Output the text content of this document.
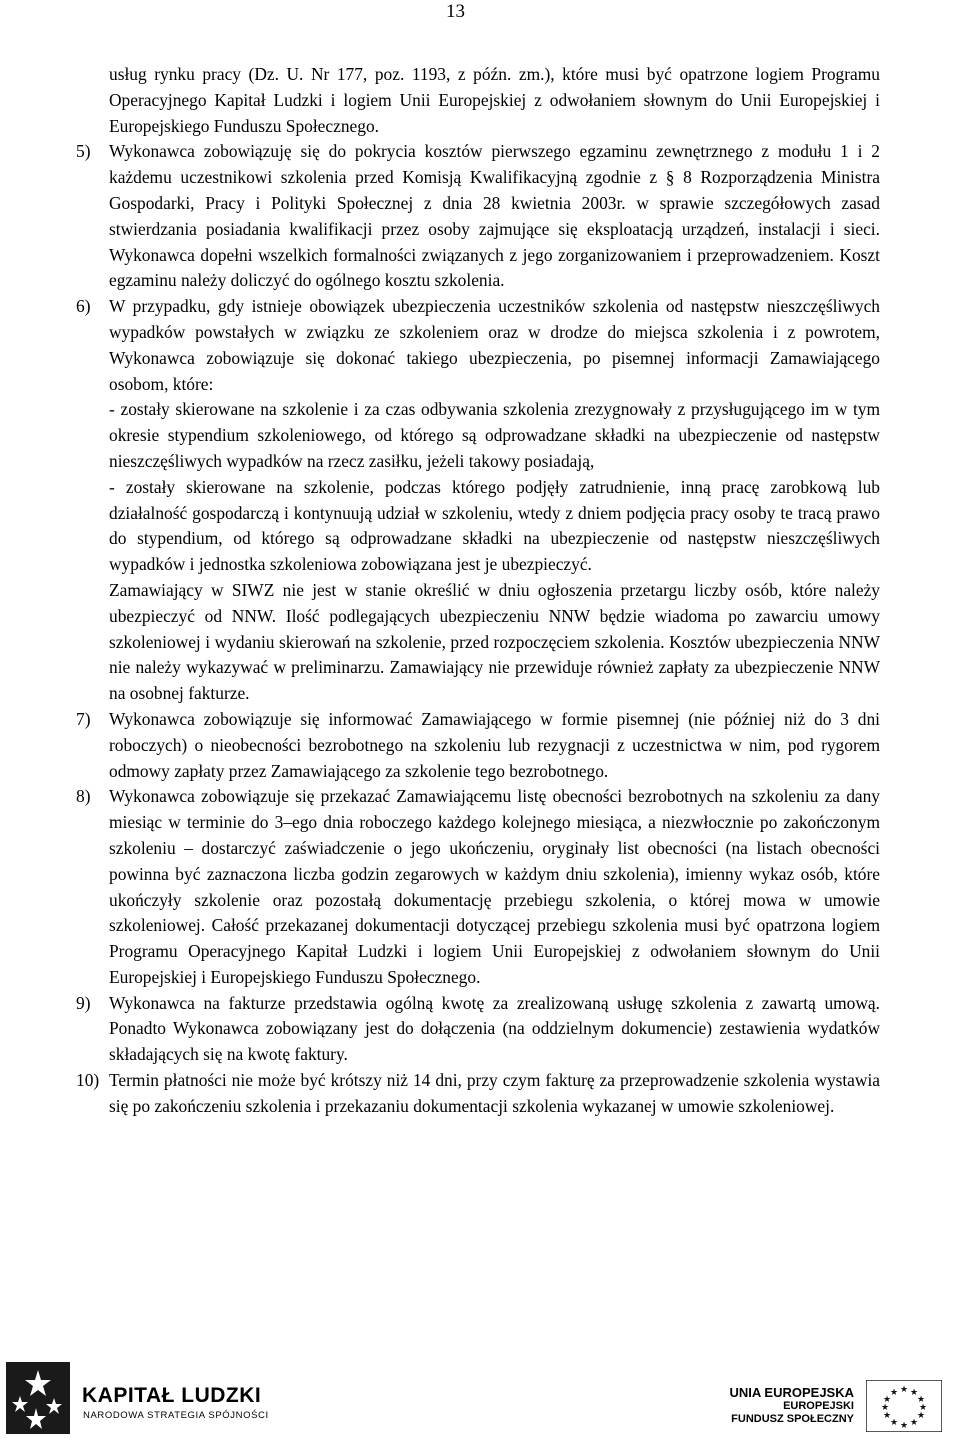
13

usług rynku pracy (Dz. U. Nr 177, poz. 1193, z późn. zm.), które musi być opatrzone logiem Programu Operacyjnego Kapitał Ludzki i logiem Unii Europejskiej z odwołaniem słownym do Unii Europejskiej i Europejskiego Funduszu Społecznego.

5)	Wykonawca zobowiązuję się do pokrycia kosztów pierwszego egzaminu zewnętrznego z modułu 1 i 2 każdemu uczestnikowi szkolenia przed Komisją Kwalifikacyjną zgodnie z § 8 Rozporządzenia Ministra Gospodarki, Pracy i Polityki Społecznej z dnia 28 kwietnia 2003r. w sprawie szczegółowych zasad stwierdzania posiadania kwalifikacji przez osoby zajmujące się eksploatacją urządzeń, instalacji i sieci. Wykonawca dopełni wszelkich formalności związanych z jego zorganizowaniem i przeprowadzeniem. Koszt egzaminu należy doliczyć do ogólnego kosztu szkolenia.
6)	W przypadku, gdy istnieje obowiązek ubezpieczenia uczestników szkolenia od następstw nieszczęśliwych wypadków powstałych w związku ze szkoleniem oraz w drodze do miejsca szkolenia i z powrotem, Wykonawca zobowiązuje się dokonać takiego ubezpieczenia, po pisemnej informacji Zamawiającego osobom, które:

- zostały skierowane na szkolenie i za czas odbywania szkolenia zrezygnowały z przysługującego im w tym okresie stypendium szkoleniowego, od którego są odprowadzane składki na ubezpieczenie od następstw nieszczęśliwych wypadków na rzecz zasiłku, jeżeli takowy posiadają,

- zostały skierowane na szkolenie, podczas którego podjęły zatrudnienie, inną pracę zarobkową lub działalność gospodarczą i kontynuują udział w szkoleniu, wtedy z dniem podjęcia pracy osoby te tracą prawo do stypendium, od którego są odprowadzane składki na ubezpieczenie od następstw nieszczęśliwych wypadków i jednostka szkoleniowa zobowiązana jest je ubezpieczyć.

Zamawiający w SIWZ nie jest w stanie określić w dniu ogłoszenia przetargu liczby osób, które należy ubezpieczyć od NNW. Ilość podlegających ubezpieczeniu NNW będzie wiadoma po zawarciu umowy szkoleniowej i wydaniu skierowań na szkolenie, przed rozpoczęciem szkolenia. Kosztów ubezpieczenia NNW nie należy wykazywać w preliminarzu. Zamawiający nie przewiduje również zapłaty za ubezpieczenie NNW na osobnej fakturze.

7)	Wykonawca zobowiązuje się informować Zamawiającego w formie pisemnej (nie później niż do 3 dni roboczych) o nieobecności bezrobotnego na szkoleniu lub rezygnacji z uczestnictwa w nim, pod rygorem odmowy zapłaty przez Zamawiającego za szkolenie tego bezrobotnego.
8)	Wykonawca zobowiązuje się przekazać Zamawiającemu listę obecności bezrobotnych na szkoleniu za dany miesiąc w terminie do 3–ego dnia roboczego każdego kolejnego miesiąca, a niezwłocznie po zakończonym szkoleniu – dostarczyć zaświadczenie o jego ukończeniu, oryginały list obecności (na listach obecności powinna być zaznaczona liczba godzin zegarowych w każdym dniu szkolenia), imienny wykaz osób, które ukończyły szkolenie oraz pozostałą dokumentację przebiegu szkolenia, o której mowa w umowie szkoleniowej. Całość przekazanej dokumentacji dotyczącej przebiegu szkolenia musi być opatrzona logiem Programu Operacyjnego Kapitał Ludzki i logiem Unii Europejskiej z odwołaniem słownym do Unii Europejskiej i Europejskiego Funduszu Społecznego.
9)	Wykonawca na fakturze przedstawia ogólną kwotę za zrealizowaną usługę szkolenia z zawartą umową. Ponadto Wykonawca zobowiązany jest do dołączenia (na oddzielnym dokumencie) zestawienia wydatków składających się na kwotę faktury.
10) Termin płatności nie może być krótszy niż 14 dni, przy czym fakturę za przeprowadzenie szkolenia wystawia się po zakończeniu szkolenia i przekazaniu dokumentacji szkolenia wykazanej w umowie szkoleniowej.
KAPITAŁ LUDZKI
NARODOWA STRATEGIA SPÓJNOŚCI
UNIA EUROPEJSKA
EUROPEJSKI
FUNDUSZ SPOŁECZNY
★ ★
★
★
★
★
★
★
★
★
★
★
